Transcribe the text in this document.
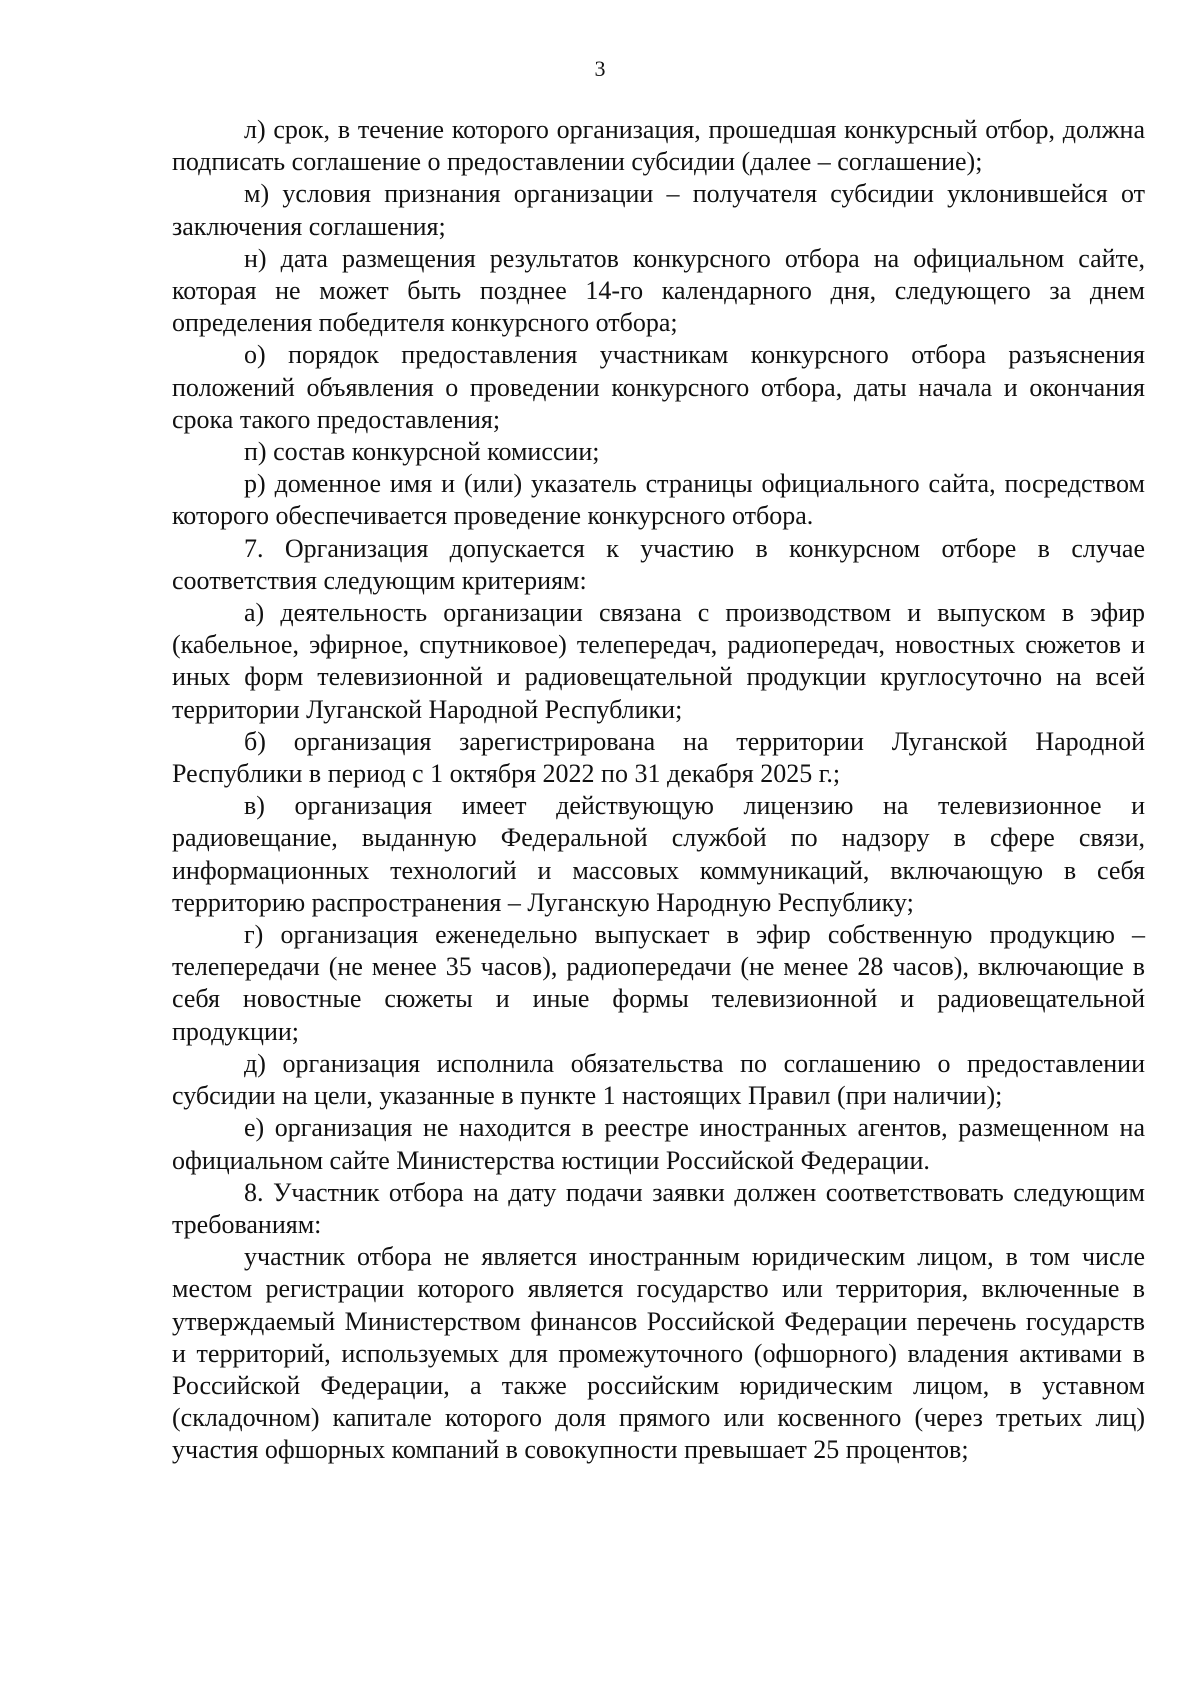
3

л) срок, в течение которого организация, прошедшая конкурсный отбор, должна подписать соглашение о предоставлении субсидии (далее – соглашение);

м) условия признания организации – получателя субсидии уклонившейся от заключения соглашения;

н) дата размещения результатов конкурсного отбора на официальном сайте, которая не может быть позднее 14-го календарного дня, следующего за днем определения победителя конкурсного отбора;

о) порядок предоставления участникам конкурсного отбора разъяснения положений объявления о проведении конкурсного отбора, даты начала и окончания срока такого предоставления;

п) состав конкурсной комиссии;

р) доменное имя и (или) указатель страницы официального сайта, посредством которого обеспечивается проведение конкурсного отбора.

7. Организация допускается к участию в конкурсном отборе в случае соответствия следующим критериям:

а) деятельность организации связана с производством и выпуском в эфир (кабельное, эфирное, спутниковое) телепередач, радиопередач, новостных сюжетов и иных форм телевизионной и радиовещательной продукции круглосуточно на всей территории Луганской Народной Республики;

б) организация зарегистрирована на территории Луганской Народной Республики в период с 1 октября 2022 по 31 декабря 2025 г.;

в) организация имеет действующую лицензию на телевизионное и радиовещание, выданную Федеральной службой по надзору в сфере связи, информационных технологий и массовых коммуникаций, включающую в себя территорию распространения – Луганскую Народную Республику;

г) организация еженедельно выпускает в эфир собственную продукцию – телепередачи (не менее 35 часов), радиопередачи (не менее 28 часов), включающие в себя новостные сюжеты и иные формы телевизионной и радиовещательной продукции;

д) организация исполнила обязательства по соглашению о предоставлении субсидии на цели, указанные в пункте 1 настоящих Правил (при наличии);

е) организация не находится в реестре иностранных агентов, размещенном на официальном сайте Министерства юстиции Российской Федерации.

8. Участник отбора на дату подачи заявки должен соответствовать следующим требованиям:

участник отбора не является иностранным юридическим лицом, в том числе местом регистрации которого является государство или территория, включенные в утверждаемый Министерством финансов Российской Федерации перечень государств и территорий, используемых для промежуточного (офшорного) владения активами в Российской Федерации, а также российским юридическим лицом, в уставном (складочном) капитале которого доля прямого или косвенного (через третьих лиц) участия офшорных компаний в совокупности превышает 25 процентов;
